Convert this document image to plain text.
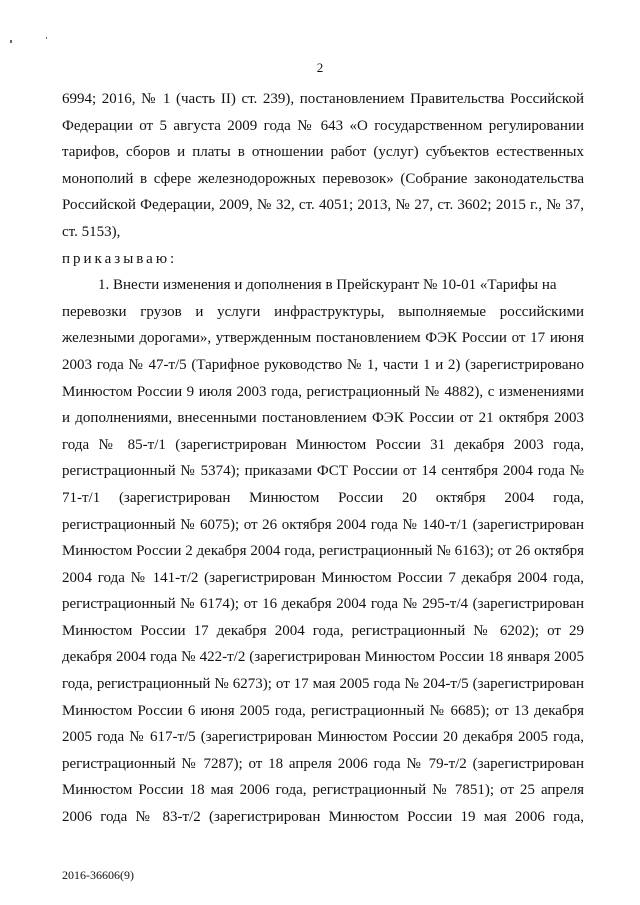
2
6994; 2016, № 1 (часть II) ст. 239), постановлением Правительства Российской
Федерации от 5 августа 2009 года № 643 «О государственном регулировании
тарифов, сборов и платы в отношении работ (услуг) субъектов естественных
монополий в сфере железнодорожных перевозок» (Собрание законодательства
Российской Федерации, 2009, № 32, ст. 4051; 2013, № 27, ст. 3602; 2015 г., № 37,
ст. 5153),
приказываю:
1. Внести изменения и дополнения в Прейскурант № 10-01 «Тарифы на
перевозки грузов и услуги инфраструктуры, выполняемые российскими
железными дорогами», утвержденным постановлением ФЭК России от 17 июня
2003 года № 47-т/5 (Тарифное руководство № 1, части 1 и 2) (зарегистрировано
Минюстом России 9 июля 2003 года, регистрационный № 4882), с изменениями
и дополнениями, внесенными постановлением ФЭК России от 21 октября 2003
года № 85-т/1 (зарегистрирован Минюстом России 31 декабря 2003 года,
регистрационный № 5374); приказами ФСТ России от 14 сентября 2004 года №
71-т/1 (зарегистрирован Минюстом России 20 октября 2004 года,
регистрационный № 6075); от 26 октября 2004 года № 140-т/1 (зарегистрирован
Минюстом России 2 декабря 2004 года, регистрационный № 6163); от 26 октября
2004 года № 141-т/2 (зарегистрирован Минюстом России 7 декабря 2004 года,
регистрационный № 6174); от 16 декабря 2004 года № 295-т/4 (зарегистрирован
Минюстом России 17 декабря 2004 года, регистрационный № 6202); от 29
декабря 2004 года № 422-т/2 (зарегистрирован Минюстом России 18 января 2005
года, регистрационный № 6273); от 17 мая 2005 года № 204-т/5 (зарегистрирован
Минюстом России 6 июня 2005 года, регистрационный № 6685); от 13 декабря
2005 года № 617-т/5 (зарегистрирован Минюстом России 20 декабря 2005 года,
регистрационный № 7287); от 18 апреля 2006 года № 79-т/2 (зарегистрирован
Минюстом России 18 мая 2006 года, регистрационный № 7851); от 25 апреля
2006 года № 83-т/2 (зарегистрирован Минюстом России 19 мая 2006 года,
2016-36606(9)
